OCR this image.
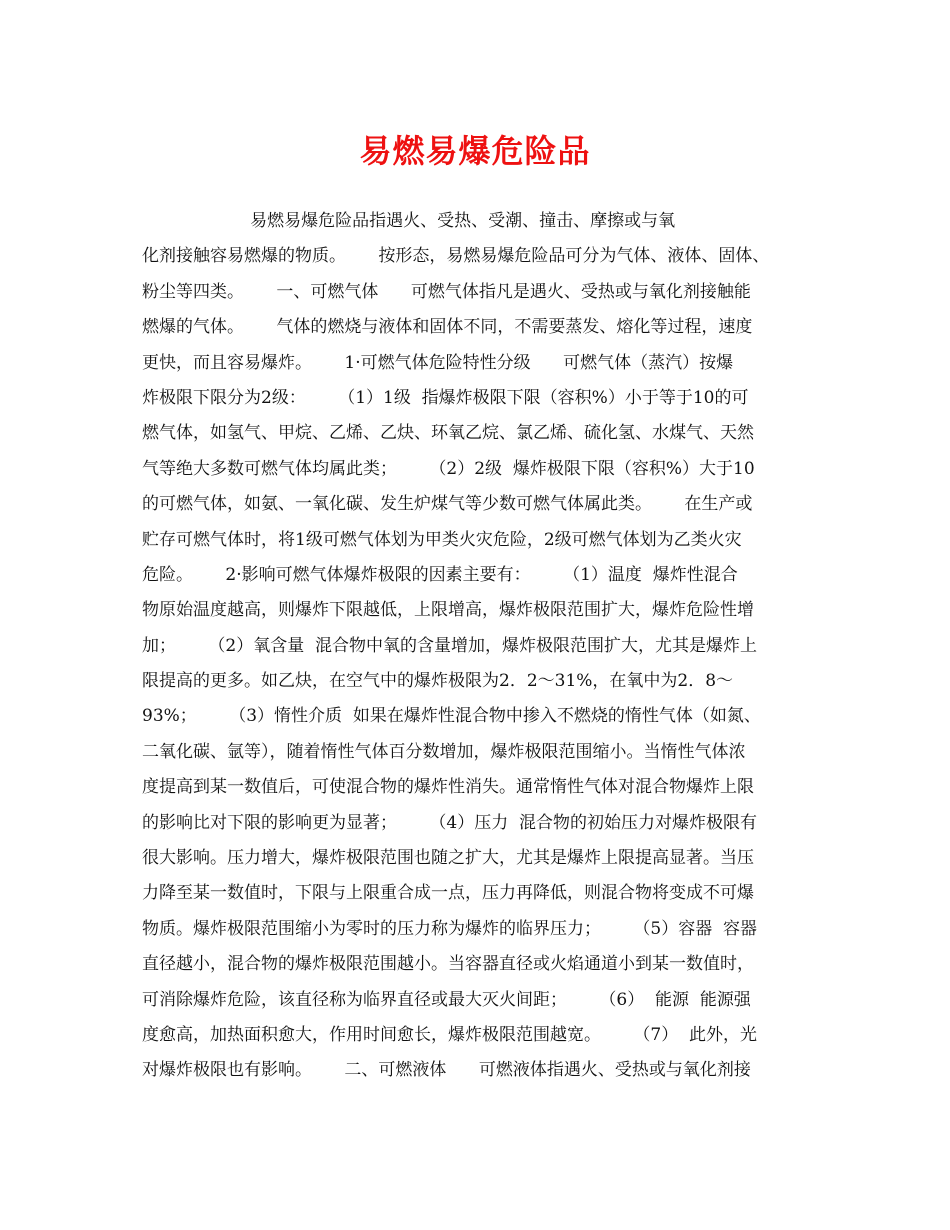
易燃易爆危险品
易燃易爆危险品指遇火、受热、受潮、撞击、摩擦或与氧
化剂接触容易燃爆的物质。      按形态，易燃易爆危险品可分为气体、液体、固体、
粉尘等四类。      一、可燃气体      可燃气体指凡是遇火、受热或与氧化剂接触能
燃爆的气体。      气体的燃烧与液体和固体不同，不需要蒸发、熔化等过程，速度
更快，而且容易爆炸。      1·可燃气体危险特性分级      可燃气体（蒸汽）按爆
炸极限下限分为2级：      （1）1级  指爆炸极限下限（容积%）小于等于10的可
燃气体，如氢气、甲烷、乙烯、乙炔、环氧乙烷、氯乙烯、硫化氢、水煤气、天然
气等绝大多数可燃气体均属此类；      （2）2级  爆炸极限下限（容积%）大于10
的可燃气体，如氨、一氧化碳、发生炉煤气等少数可燃气体属此类。      在生产或
贮存可燃气体时，将1级可燃气体划为甲类火灾危险，2级可燃气体划为乙类火灾
危险。      2·影响可燃气体爆炸极限的因素主要有：      （1）温度  爆炸性混合
物原始温度越高，则爆炸下限越低，上限增高，爆炸极限范围扩大，爆炸危险性增
加；      （2）氧含量  混合物中氧的含量增加，爆炸极限范围扩大，尤其是爆炸上
限提高的更多。如乙炔，在空气中的爆炸极限为2．2～31%，在氧中为2．8～
93%；      （3）惰性介质  如果在爆炸性混合物中掺入不燃烧的惰性气体（如氮、
二氧化碳、氩等），随着惰性气体百分数增加，爆炸极限范围缩小。当惰性气体浓
度提高到某一数值后，可使混合物的爆炸性消失。通常惰性气体对混合物爆炸上限
的影响比对下限的影响更为显著；      （4）压力  混合物的初始压力对爆炸极限有
很大影响。压力增大，爆炸极限范围也随之扩大，尤其是爆炸上限提高显著。当压
力降至某一数值时，下限与上限重合成一点，压力再降低，则混合物将变成不可爆
物质。爆炸极限范围缩小为零时的压力称为爆炸的临界压力；      （5）容器  容器
直径越小，混合物的爆炸极限范围越小。当容器直径或火焰通道小到某一数值时，
可消除爆炸危险，该直径称为临界直径或最大灭火间距；      （6）  能源  能源强
度愈高，加热面积愈大，作用时间愈长，爆炸极限范围越宽。      （7）  此外，光
对爆炸极限也有影响。      二、可燃液体      可燃液体指遇火、受热或与氧化剂接
